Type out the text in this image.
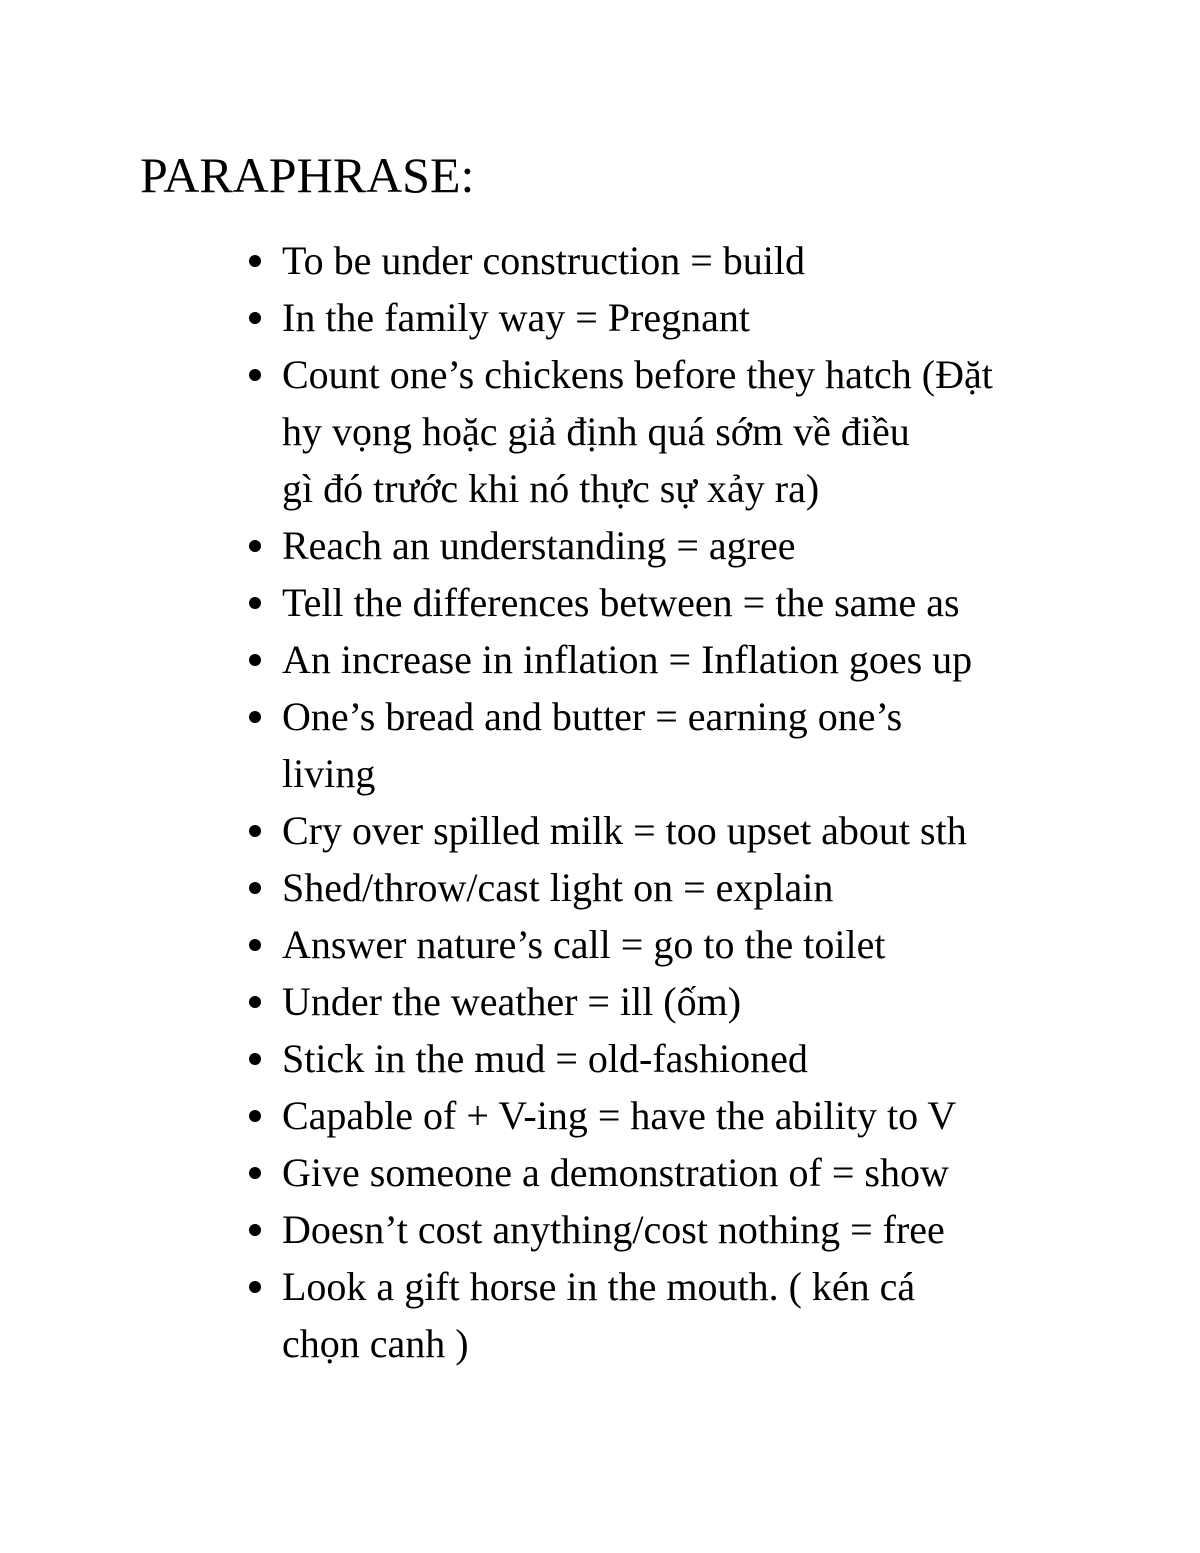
PARAPHRASE:
To be under construction = build
In the family way = Pregnant
Count one’s chickens before they hatch (Đặt
hy vọng hoặc giả định quá sớm về điều
gì đó trước khi nó thực sự xảy ra)
Reach an understanding = agree
Tell the differences between = the same as
An increase in inflation = Inflation goes up
One’s bread and butter = earning one’s
living
Cry over spilled milk = too upset about sth
Shed/throw/cast light on = explain
Answer nature’s call = go to the toilet
Under the weather = ill (ốm)
Stick in the mud = old-fashioned
Capable of + V-ing = have the ability to V
Give someone a demonstration of = show
Doesn’t cost anything/cost nothing = free
Look a gift horse in the mouth. ( kén cá
chọn canh )
